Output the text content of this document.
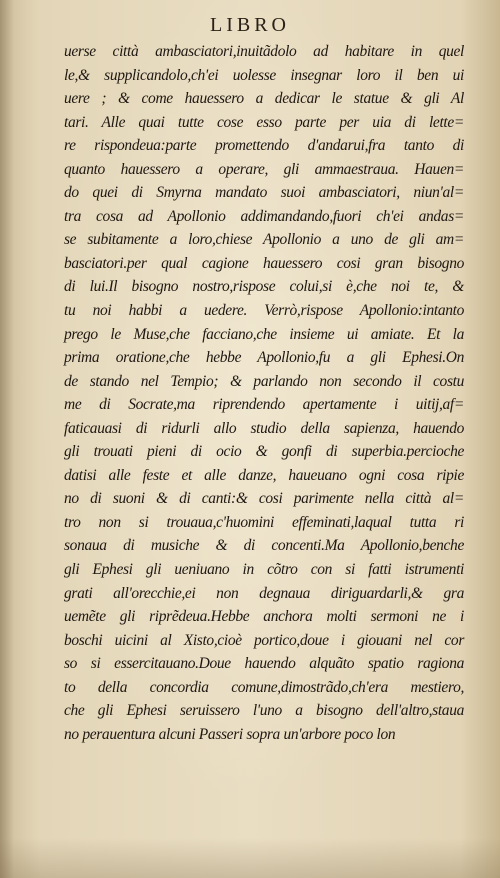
LIBRO
uerse città ambasciatori,inuitãdolo ad habitare in quel
le,& supplicandolo,ch'ei uolesse insegnar loro il ben ui
uere ; & come hauessero a dedicar le statue & gli Al
tari. Alle quai tutte cose esso parte per uia di lette=
re rispondeua:parte promettendo d'andarui,fra tanto di
quanto hauessero a operare, gli ammaestraua. Hauen=
do quei di Smyrna mandato suoi ambasciatori, niun'al=
tra cosa ad Apollonio addimandando,fuori ch'ei andas=
se subitamente a loro,chiese Apollonio a uno de gli am=
basciatori.per qual cagione hauessero cosi gran bisogno
di lui.Il bisogno nostro,rispose colui,si è,che noi te, &
tu noi habbi a uedere. Verrò,rispose Apollonio:intanto
prego le Muse,che facciano,che insieme ui amiate. Et la
prima oratione,che hebbe Apollonio,fu a gli Ephesi.On
de stando nel Tempio; & parlando non secondo il costu
me di Socrate,ma riprendendo apertamente i uitij,af=
faticauasi di ridurli allo studio della sapienza, hauendo
gli trouati pieni di ocio & gonfi di superbia.percioche
datisi alle feste et alle danze, haueuano ogni cosa ripie
no di suoni & di canti:& cosi parimente nella città al=
tro non si trouaua,c'huomini effeminati,laqual tutta ri
sonaua di musiche & di concenti.Ma Apollonio,benche
gli Ephesi gli ueniuano in cõtro con si fatti istrumenti
grati all'orecchie,ei non degnaua diriguardarli,& gra
uemẽte gli riprẽdeua.Hebbe anchora molti sermoni ne i
boschi uicini al Xisto,cioè portico,doue i giouani nel cor
so si essercitauano.Doue hauendo alquãto spatio ragiona
to della concordia comune,dimostrãdo,ch'era mestiero,
che gli Ephesi seruissero l'uno a bisogno dell'altro,staua
no perauentura alcuni Passeri sopra un'arbore poco lon
